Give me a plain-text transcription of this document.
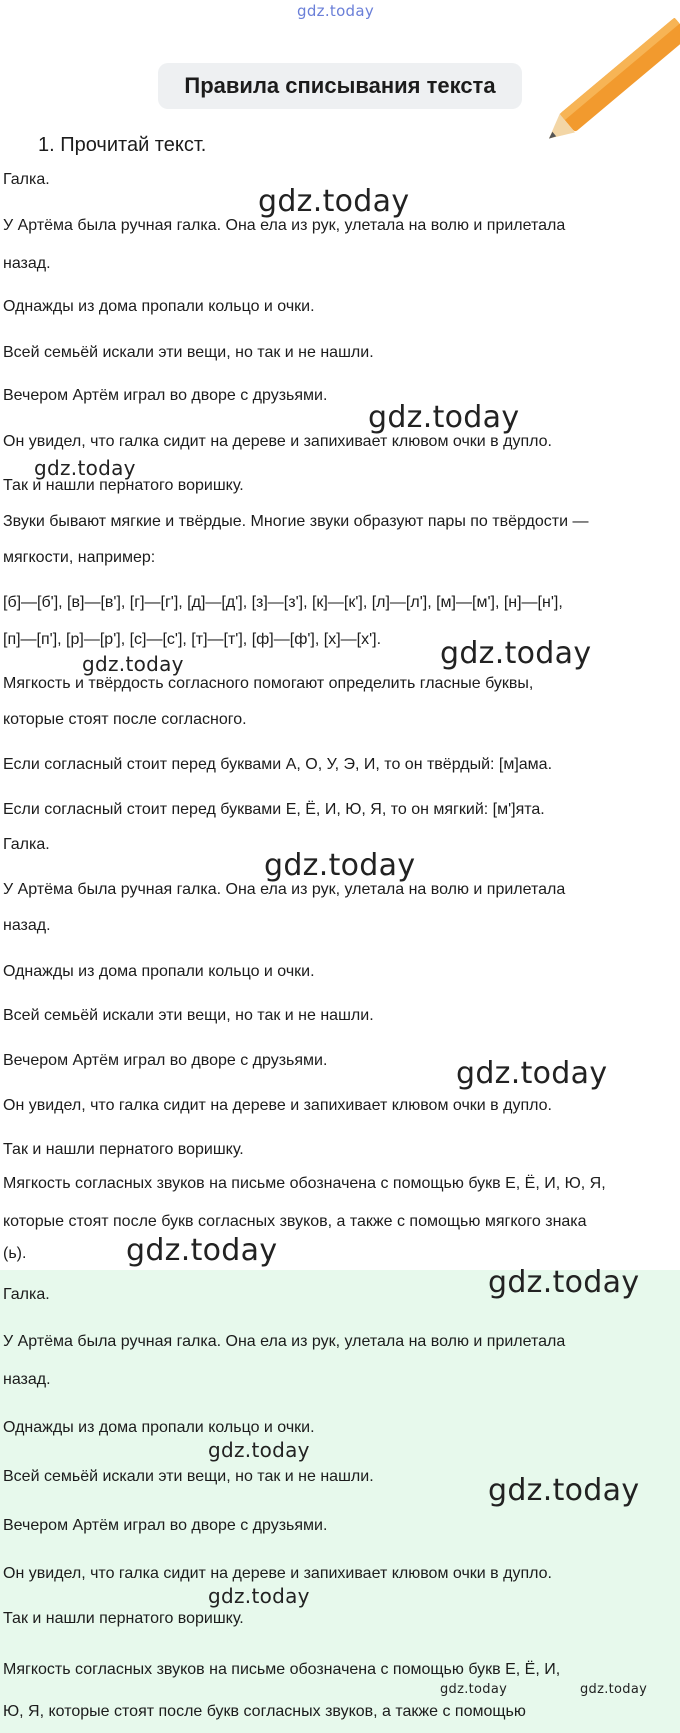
gdz.today
Правила списывания текста
1. Прочитай текст.
Галка.
У Артёма была ручная галка. Она ела из рук, улетала на волю и прилетала
назад.
Однажды из дома пропали кольцо и очки.
Всей семьёй искали эти вещи, но так и не нашли.
Вечером Артём играл во дворе с друзьями.
Он увидел, что галка сидит на дереве и запихивает клювом очки в дупло.
Так и нашли пернатого воришку.
Звуки бывают мягкие и твёрдые. Многие звуки образуют пары по твёрдости —
мягкости, например:
[б]—[б'], [в]—[в'], [г]—[г'], [д]—[д'], [з]—[з'], [к]—[к'], [л]—[л'], [м]—[м'], [н]—[н'],
[п]—[п'], [р]—[р'], [с]—[с'], [т]—[т'], [ф]—[ф'], [х]—[х'].
Мягкость и твёрдость согласного помогают определить гласные буквы,
которые стоят после согласного.
Если согласный стоит перед буквами А, О, У, Э, И, то он твёрдый: [м]ама.
Если согласный стоит перед буквами Е, Ё, И, Ю, Я, то он мягкий: [м']ята.
Галка.
У Артёма была ручная галка. Она ела из рук, улетала на волю и прилетала
назад.
Однажды из дома пропали кольцо и очки.
Всей семьёй искали эти вещи, но так и не нашли.
Вечером Артём играл во дворе с друзьями.
Он увидел, что галка сидит на дереве и запихивает клювом очки в дупло.
Так и нашли пернатого воришку.
Мягкость согласных звуков на письме обозначена с помощью букв Е, Ё, И, Ю, Я,
которые стоят после букв согласных звуков, а также с помощью мягкого знака
(ь).
Галка.
У Артёма была ручная галка. Она ела из рук, улетала на волю и прилетала
назад.
Однажды из дома пропали кольцо и очки.
Всей семьёй искали эти вещи, но так и не нашли.
Вечером Артём играл во дворе с друзьями.
Он увидел, что галка сидит на дереве и запихивает клювом очки в дупло.
Так и нашли пернатого воришку.
Мягкость согласных звуков на письме обозначена с помощью букв Е, Ё, И,
Ю, Я, которые стоят после букв согласных звуков, а также с помощью
gdz.today
gdz.today
gdz.today
gdz.today	gdz.today
gdz.today
gdz.today
gdz.today
gdz.today
gdz.today
gdz.today
gdz.today
gdz.today	gdz.today
